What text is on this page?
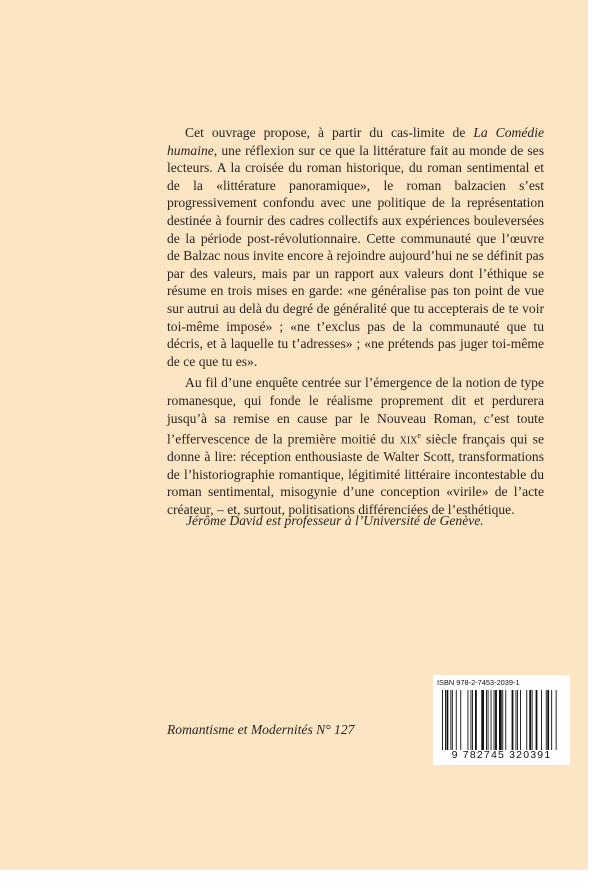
Cet ouvrage propose, à partir du cas-limite de La Comédie humaine, une réflexion sur ce que la littérature fait au monde de ses lecteurs. A la croisée du roman historique, du roman sentimental et de la «littérature panoramique», le roman balzacien s’est progressivement confondu avec une politique de la représentation destinée à fournir des cadres collectifs aux expériences bouleversées de la période post-révolutionnaire. Cette communauté que l’œuvre de Balzac nous invite encore à rejoindre aujourd’hui ne se définit pas par des valeurs, mais par un rapport aux valeurs dont l’éthique se résume en trois mises en garde: «ne généralise pas ton point de vue sur autrui au delà du degré de généralité que tu accepterais de te voir toi-même imposé» ; «ne t’exclus pas de la communauté que tu décris, et à laquelle tu t’adresses» ; «ne prétends pas juger toi-même de ce que tu es».

Au fil d’une enquête centrée sur l’émergence de la notion de type romanesque, qui fonde le réalisme proprement dit et perdurera jusqu’à sa remise en cause par le Nouveau Roman, c’est toute l’effervescence de la première moitié du xix$^e$ siècle français qui se donne à lire: réception enthousiaste de Walter Scott, transformations de l’historiographie romantique, légitimité littéraire incontestable du roman sentimental, misogynie d’une conception «virile» de l’acte créateur, – et, surtout, politisations différenciées de l’esthétique.

Jérôme David est professeur à l’Université de Genève.
Romantisme et Modernités N° 127
ISBN 978-2-7453-2039-1
9 782745 320391
